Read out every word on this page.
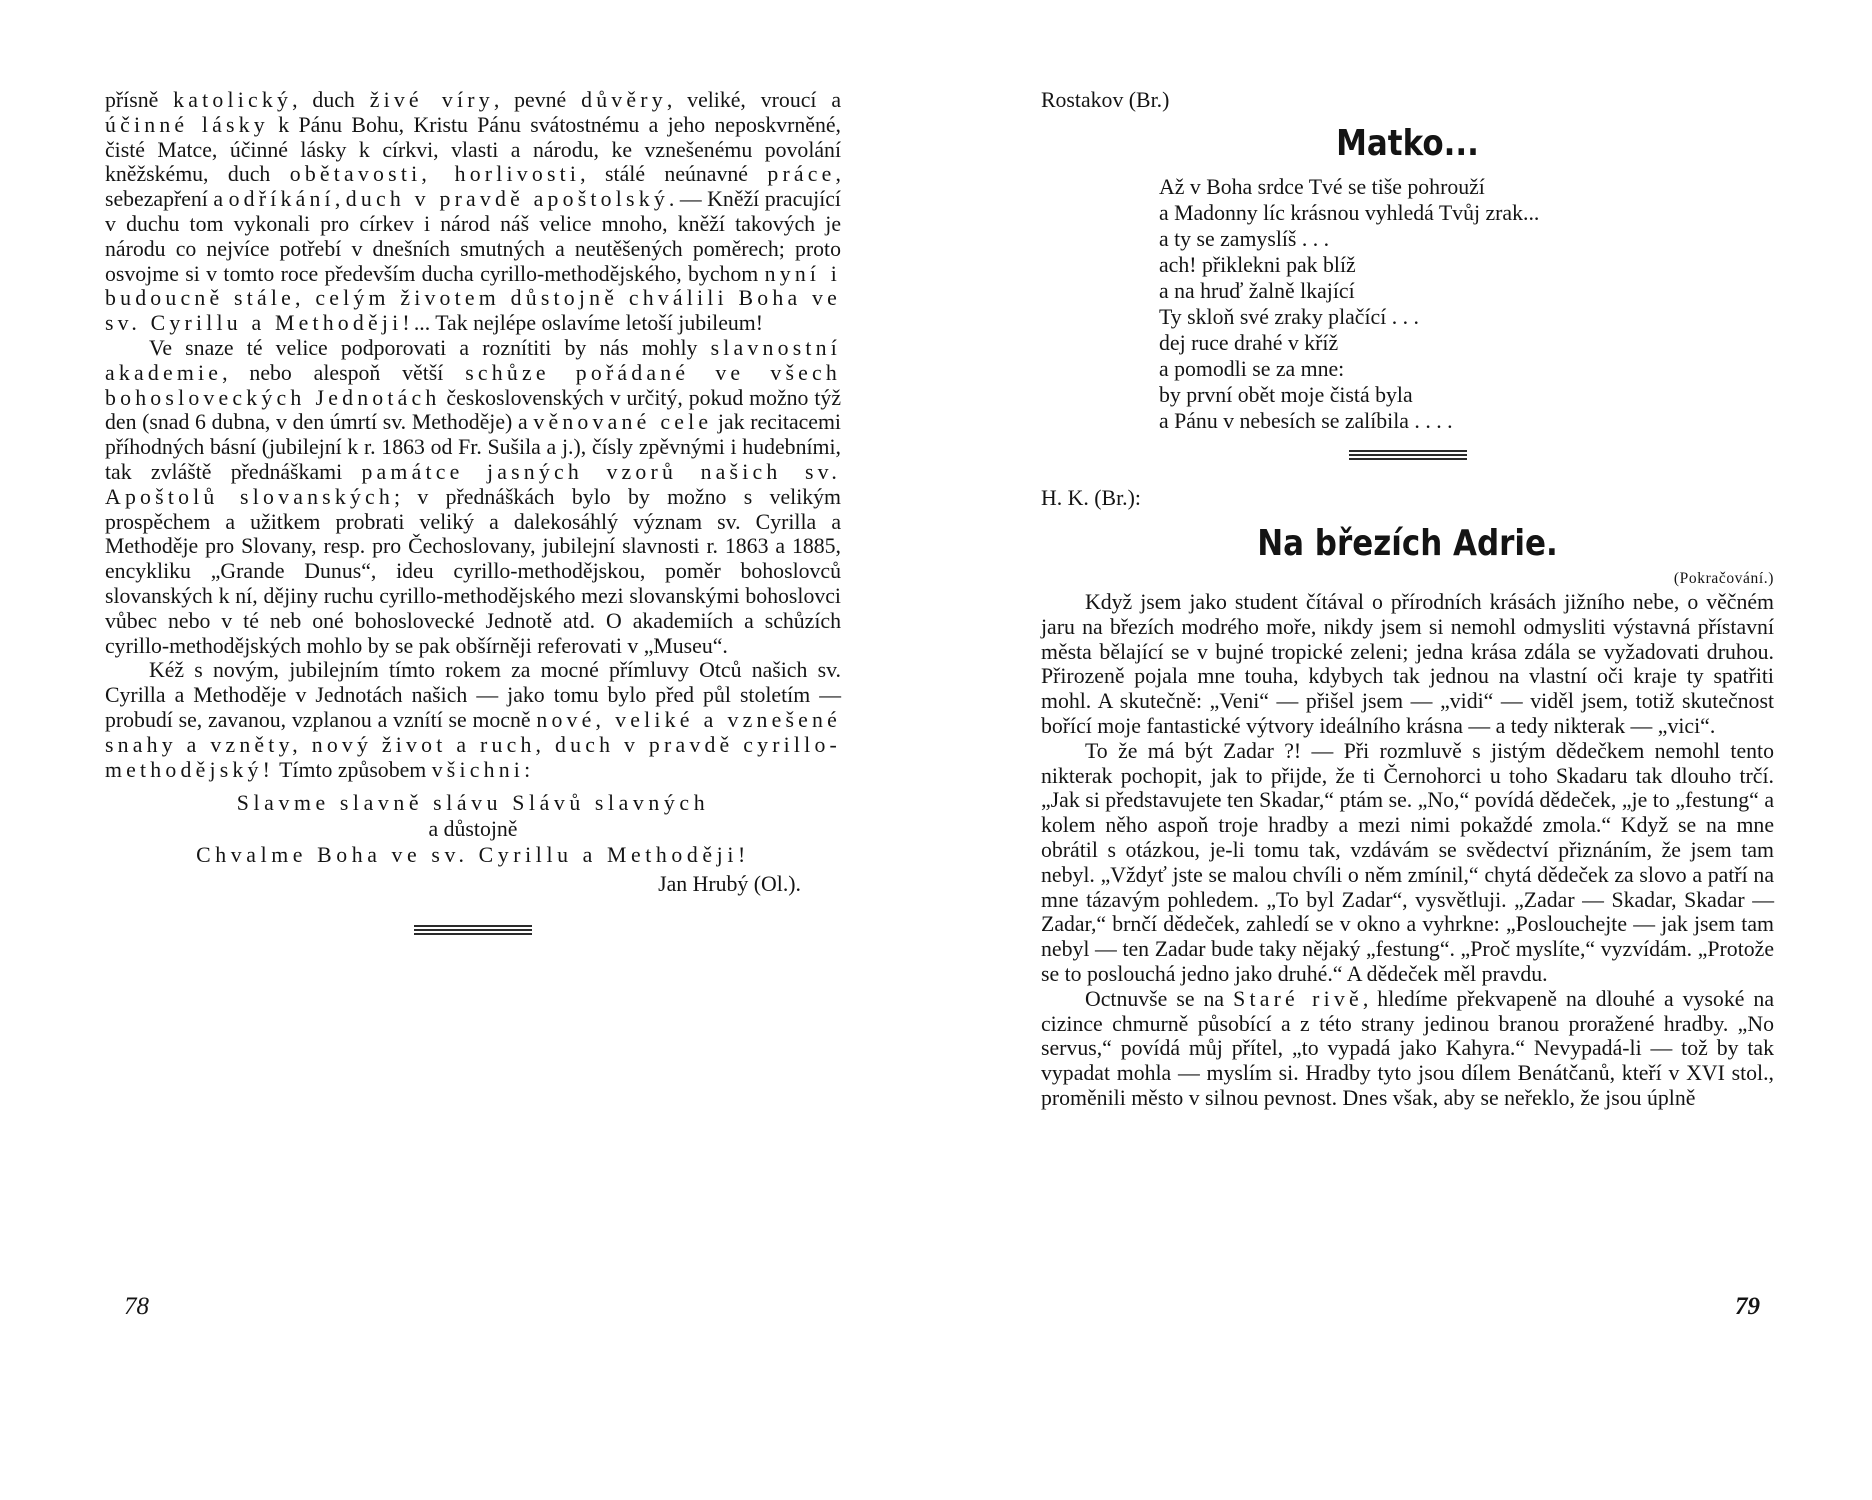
přísně katolický, duch živé víry, pevné důvěry, veliké, vroucí a účinné lásky k Pánu Bohu, Kristu Pánu svátostnému a jeho neposkvrněné, čisté Matce, účinné lásky k církvi, vlasti a národu, ke vznešenému povolání kněžskému, duch obětavosti, horlivosti, stálé neúnavné práce, sebezapření a odříkání, duch v pravdě apoštolský. — Kněží pracující v duchu tom vykonali pro církev i národ náš velice mnoho, kněží takových je národu co nejvíce potřebí v dnešních smutných a neutěšených poměrech; proto osvojme si v tomto roce především ducha cyrillo-methodějského, bychom nyní i budoucně stále, celým životem důstojně chválili Boha ve sv. Cyrillu a Methoději!... Tak nejlépe oslavíme letoší jubileum!

Ve snaze té velice podporovati a roznítiti by nás mohly slavnostní akademie, nebo alespoň větší schůze pořádané ve všech bohosloveckých Jednotách československých v určitý, pokud možno týž den (snad 6 dubna, v den úmrtí sv. Methoděje) a věnované cele jak recitacemi příhodných básní (jubilejní k r. 1863 od Fr. Sušila a j.), čísly zpěvnými i hudebními, tak zvláště přednáškami památce jasných vzorů našich sv. Apoštolů slovanských; v přednáškách bylo by možno s velikým prospěchem a užitkem probrati veliký a dalekosáhlý význam sv. Cyrilla a Methoděje pro Slovany, resp. pro Čechoslovany, jubilejní slavnosti r. 1863 a 1885, encykliku „Grande Dunus“, ideu cyrillo-methodějskou, poměr bohoslovců slovanských k ní, dějiny ruchu cyrillo-methodějského mezi slovanskými bohoslovci vůbec nebo v té neb oné bohoslovecké Jednotě atd. O akademiích a schůzích cyrillo-methodějských mohlo by se pak obšírněji referovati v „Museu“.

Kéž s novým, jubilejním tímto rokem za mocné přímluvy Otců našich sv. Cyrilla a Methoděje v Jednotách našich — jako tomu bylo před půl stoletím — probudí se, zavanou, vzplanou a vznítí se mocně nové, veliké a vznešené snahy a vzněty, nový život a ruch, duch v pravdě cyrillo-methodějský! Tímto způsobem všichni:

Slavme slavně slávu Slávů slavných
a důstojně
Chvalme Boha ve sv. Cyrillu a Methoději!

Jan Hrubý (Ol.).

78

Rostakov (Br.)

Matko...
Až v Boha srdce Tvé se tiše pohrouží
a Madonny líc krásnou vyhledá Tvůj zrak...
a ty se zamyslíš . . .
ach! přiklekni pak blíž
a na hruď žalně lkající
Ty skloň své zraky plačící . . .
dej ruce drahé v kříž
a pomodli se za mne:
by první obět moje čistá byla
a Pánu v nebesích se zalíbila . . . .

H. K. (Br.):

Na březích Adrie.
(Pokračování.)

Když jsem jako student čítával o přírodních krásách jižního nebe, o věčném jaru na březích modrého moře, nikdy jsem si nemohl odmysliti výstavná přístavní města bělající se v bujné tropické zeleni; jedna krása zdála se vyžadovati druhou. Přirozeně pojala mne touha, kdybych tak jednou na vlastní oči kraje ty spatřiti mohl. A skutečně: „Veni“ — přišel jsem — „vidi“ — viděl jsem, totiž skutečnost bořící moje fantastické výtvory ideálního krásna — a tedy nikterak — „vici“.

To že má být Zadar ?! — Při rozmluvě s jistým dědečkem nemohl tento nikterak pochopit, jak to přijde, že ti Černohorci u toho Skadaru tak dlouho trčí. „Jak si představujete ten Skadar,“ ptám se. „No,“ povídá dědeček, „je to „festung“ a kolem něho aspoň troje hradby a mezi nimi pokaždé zmola.“ Když se na mne obrátil s otázkou, je-li tomu tak, vzdávám se svědectví přiznáním, že jsem tam nebyl. „Vždyť jste se malou chvíli o něm zmínil,“ chytá dědeček za slovo a patří na mne tázavým pohledem. „To byl Zadar“, vysvětluji. „Zadar — Skadar, Skadar — Zadar,“ brnčí dědeček, zahledí se v okno a vyhrkne: „Poslouchejte — jak jsem tam nebyl — ten Zadar bude taky nějaký „festung“. „Proč myslíte,“ vyzvídám. „Protože se to poslouchá jedno jako druhé.“ A dědeček měl pravdu.

Octnuvše se na Staré rivě, hledíme překvapeně na dlouhé a vysoké na cizince chmurně působící a z této strany jedinou branou proražené hradby. „No servus,“ povídá můj přítel, „to vypadá jako Kahyra.“ Nevypadá-li — tož by tak vypadat mohla — myslím si. Hradby tyto jsou dílem Benátčanů, kteří v XVI stol., proměnili město v silnou pevnost. Dnes však, aby se neřeklo, že jsou úplně

79
